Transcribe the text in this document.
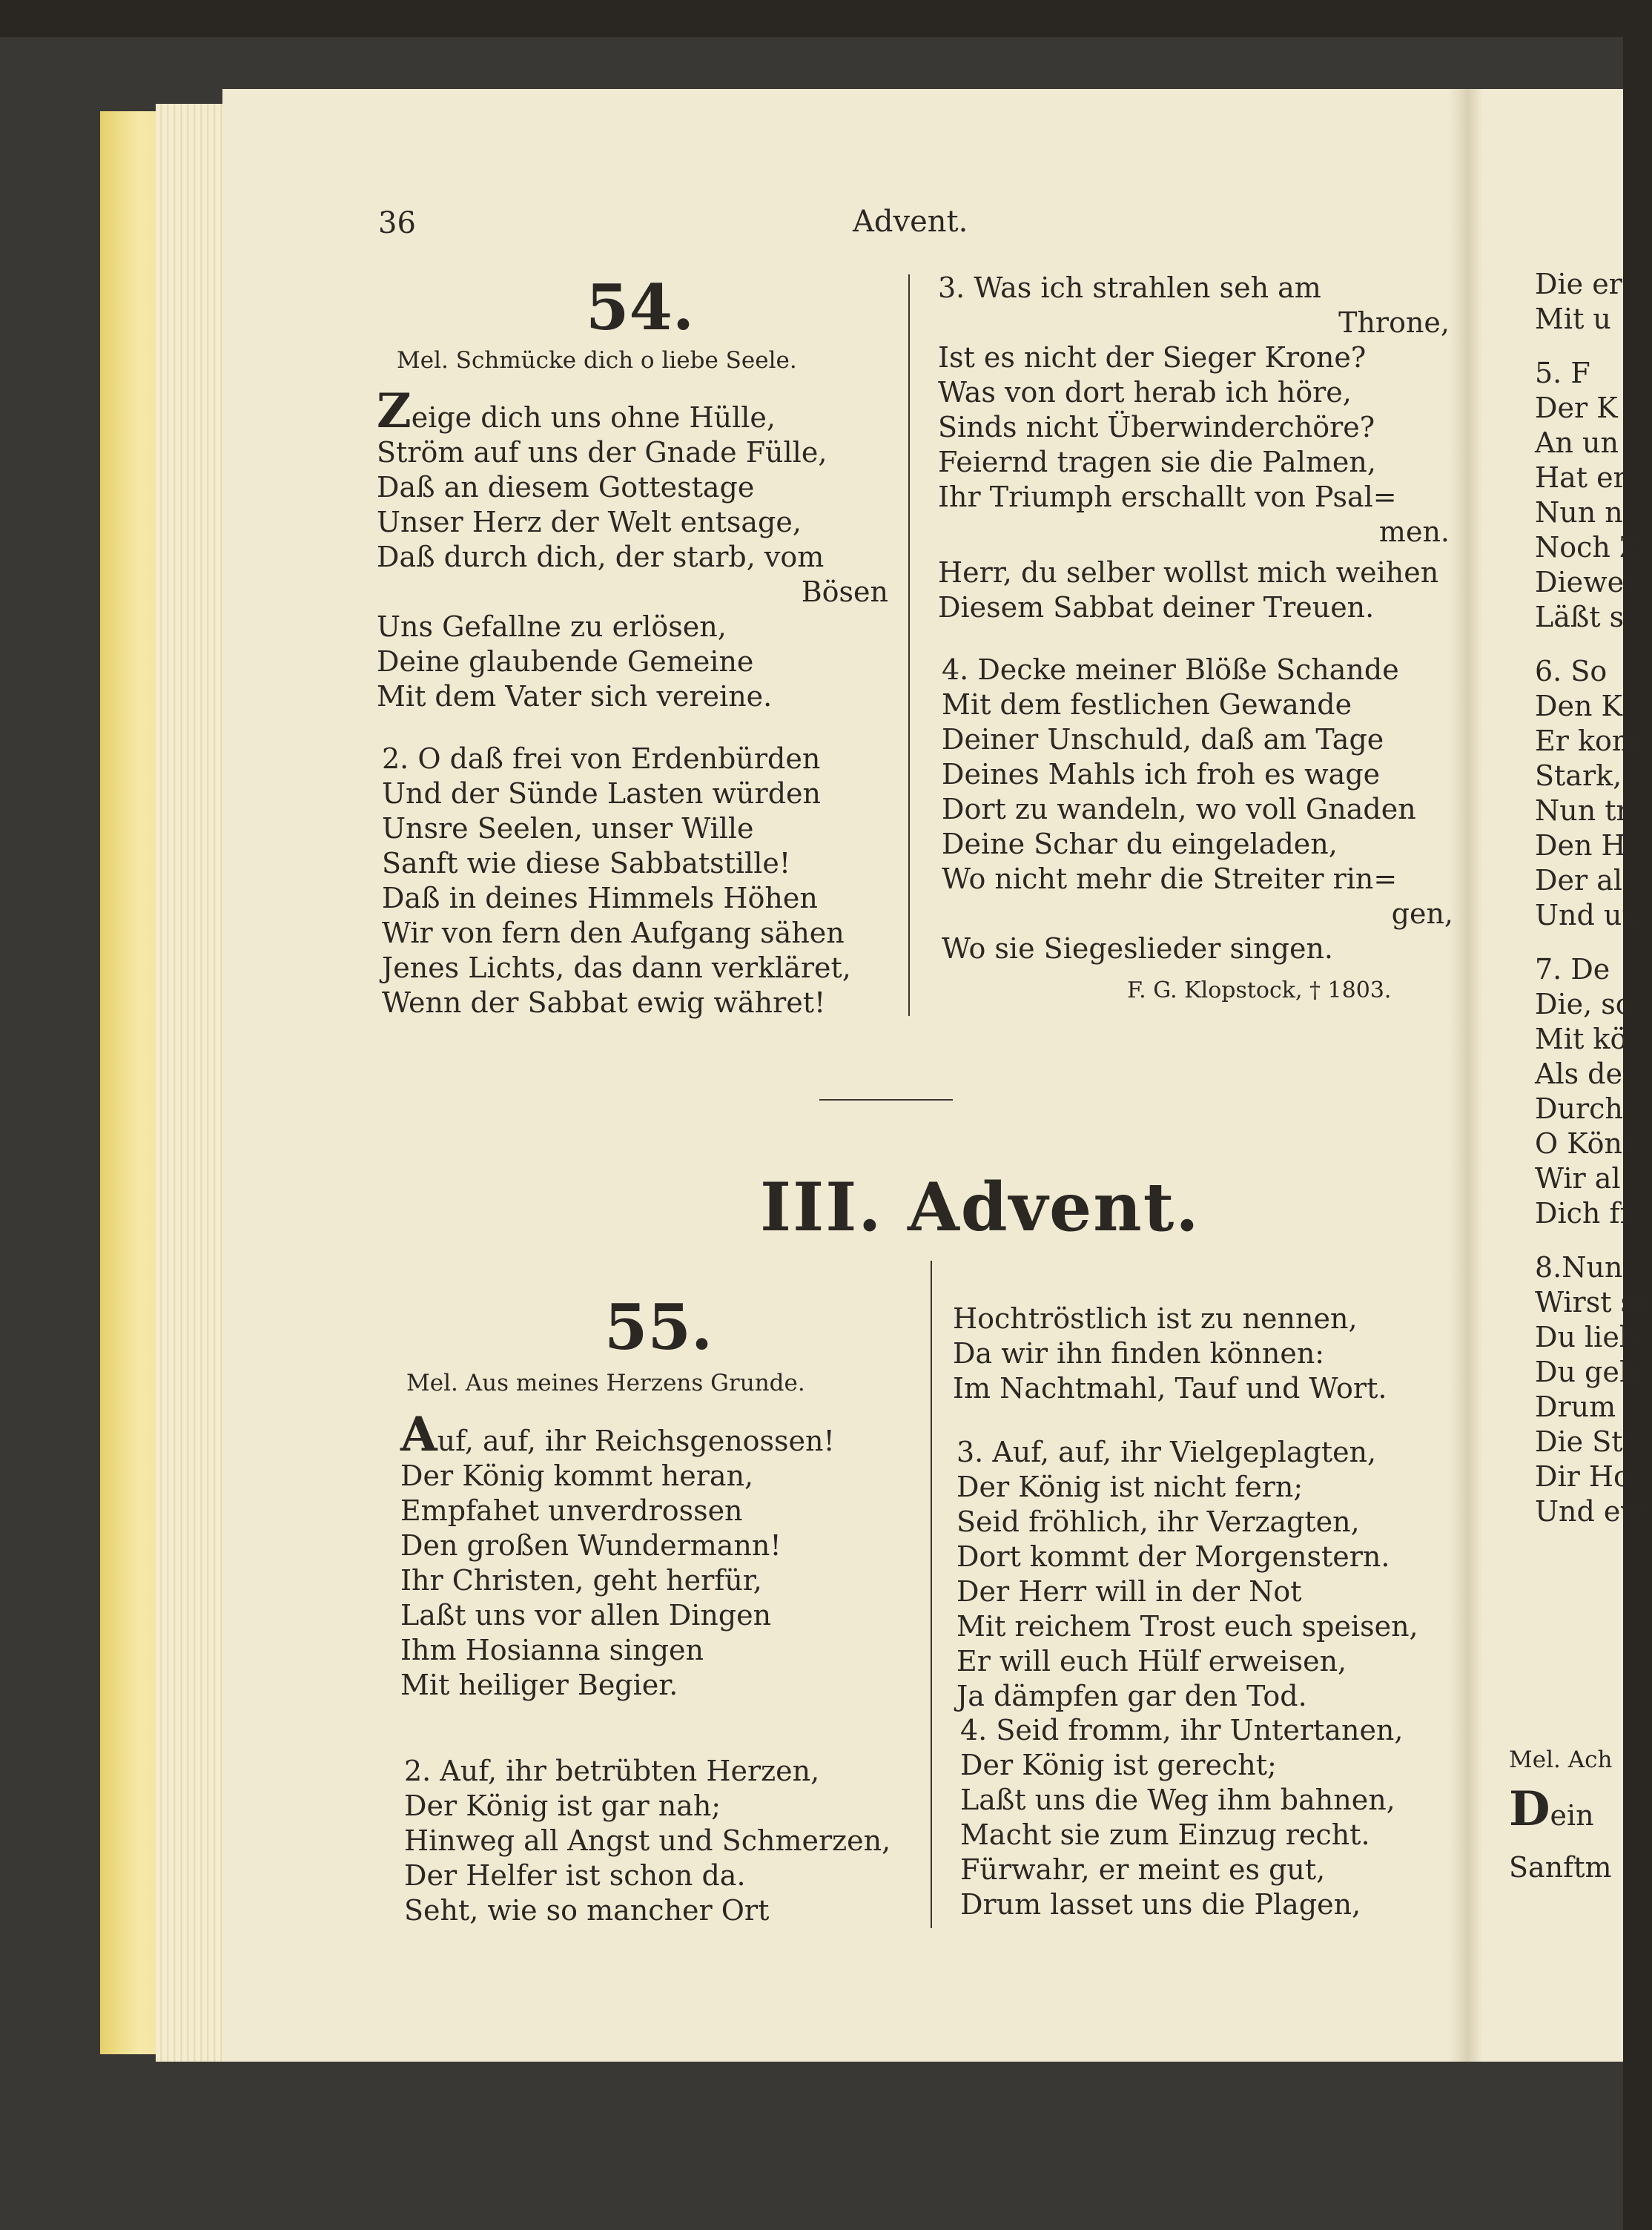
Die er
Mit u

5. F
Der K
An un
Hat er
Nun n
Noch Z
Diewei
Läßt s

6. So
Den K
Er kom
Stark,
Nun tr
Den H
Der al
Und un

7. De
Die, so
Mit kö
Als de
Durch
O Köni
Wir al
Dich fr

8.Nun
Wirst se
Du lieb
Du geh
Drum
Die Sti
Dir Ho
Und ew
Mel. Ach
Dein
Sanftm
36	Advent.
54.
Mel. Schmücke dich o liebe Seele.
Zeige dich uns ohne Hülle,
Ström auf uns der Gnade Fülle,
Daß an diesem Gottestage
Unser Herz der Welt entsage,
Daß durch dich, der starb, vom
Bösen
Uns Gefallne zu erlösen,
Deine glaubende Gemeine
Mit dem Vater sich vereine.
2. O daß frei von Erdenbürden
Und der Sünde Lasten würden
Unsre Seelen, unser Wille
Sanft wie diese Sabbatstille!
Daß in deines Himmels Höhen
Wir von fern den Aufgang sähen
Jenes Lichts, das dann verkläret,
Wenn der Sabbat ewig währet!
3. Was ich strahlen seh am
Throne,
Ist es nicht der Sieger Krone?
Was von dort herab ich höre,
Sinds nicht Überwinderchöre?
Feiernd tragen sie die Palmen,
Ihr Triumph erschallt von Psal=
men.
Herr, du selber wollst mich weihen
Diesem Sabbat deiner Treuen.
4. Decke meiner Blöße Schande
Mit dem festlichen Gewande
Deiner Unschuld, daß am Tage
Deines Mahls ich froh es wage
Dort zu wandeln, wo voll Gnaden
Deine Schar du eingeladen,
Wo nicht mehr die Streiter rin=
gen,
Wo sie Siegeslieder singen.
F. G. Klopstock, † 1803.
III. Advent.
55.
Mel. Aus meines Herzens Grunde.
Auf, auf, ihr Reichsgenossen!
Der König kommt heran,
Empfahet unverdrossen
Den großen Wundermann!
Ihr Christen, geht herfür,
Laßt uns vor allen Dingen
Ihm Hosianna singen
Mit heiliger Begier.
2. Auf, ihr betrübten Herzen,
Der König ist gar nah;
Hinweg all Angst und Schmerzen,
Der Helfer ist schon da.
Seht, wie so mancher Ort
Hochtröstlich ist zu nennen,
Da wir ihn finden können:
Im Nachtmahl, Tauf und Wort.
3. Auf, auf, ihr Vielgeplagten,
Der König ist nicht fern;
Seid fröhlich, ihr Verzagten,
Dort kommt der Morgenstern.
Der Herr will in der Not
Mit reichem Trost euch speisen,
Er will euch Hülf erweisen,
Ja dämpfen gar den Tod.
4. Seid fromm, ihr Untertanen,
Der König ist gerecht;
Laßt uns die Weg ihm bahnen,
Macht sie zum Einzug recht.
Fürwahr, er meint es gut,
Drum lasset uns die Plagen,
